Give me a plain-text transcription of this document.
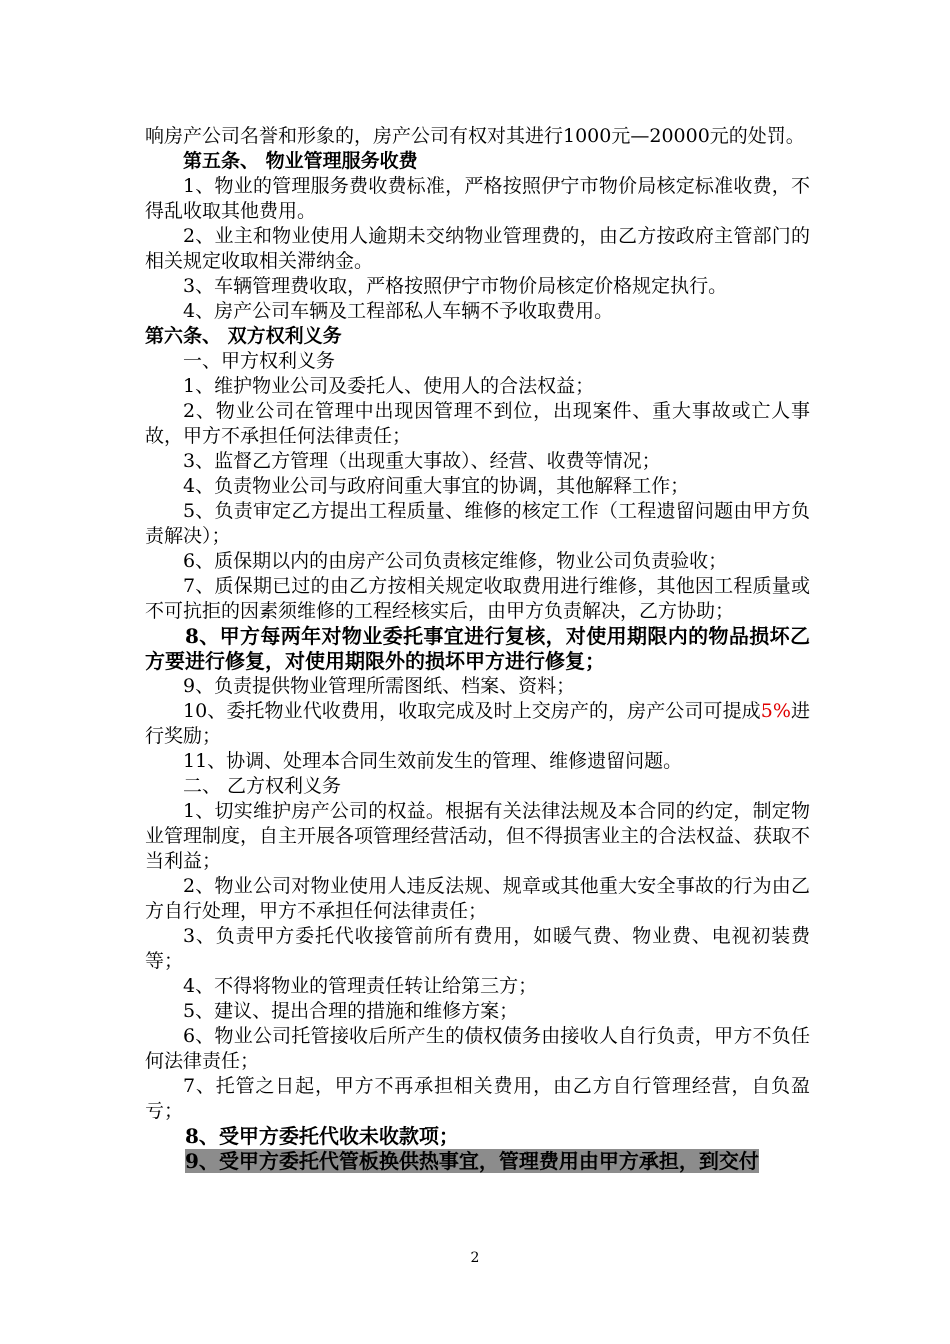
响房产公司名誉和形象的，房产公司有权对其进行1000元—20000元的处罚。

第五条、 物业管理服务收费

1、物业的管理服务费收费标准，严格按照伊宁市物价局核定标准收费，不得乱收取其他费用。

2、业主和物业使用人逾期未交纳物业管理费的，由乙方按政府主管部门的相关规定收取相关滞纳金。

3、车辆管理费收取，严格按照伊宁市物价局核定价格规定执行。

4、房产公司车辆及工程部私人车辆不予收取费用。

第六条、 双方权利义务

一、甲方权利义务

1、维护物业公司及委托人、使用人的合法权益；

2、物业公司在管理中出现因管理不到位，出现案件、重大事故或亡人事故，甲方不承担任何法律责任；

3、监督乙方管理（出现重大事故）、经营、收费等情况；

4、负责物业公司与政府间重大事宜的协调，其他解释工作；

5、负责审定乙方提出工程质量、维修的核定工作（工程遗留问题由甲方负责解决）；

6、质保期以内的由房产公司负责核定维修，物业公司负责验收；

7、质保期已过的由乙方按相关规定收取费用进行维修，其他因工程质量或不可抗拒的因素须维修的工程经核实后，由甲方负责解决，乙方协助；

8、甲方每两年对物业委托事宜进行复核，对使用期限内的物品损坏乙方要进行修复，对使用期限外的损坏甲方进行修复；

9、负责提供物业管理所需图纸、档案、资料；

10、委托物业代收费用，收取完成及时上交房产的，房产公司可提成5%进行奖励；

11、协调、处理本合同生效前发生的管理、维修遗留问题。

二、 乙方权利义务

1、切实维护房产公司的权益。根据有关法律法规及本合同的约定，制定物业管理制度，自主开展各项管理经营活动，但不得损害业主的合法权益、获取不当利益；

2、物业公司对物业使用人违反法规、规章或其他重大安全事故的行为由乙方自行处理，甲方不承担任何法律责任；

3、负责甲方委托代收接管前所有费用，如暖气费、物业费、电视初装费等；

4、不得将物业的管理责任转让给第三方；

5、建议、提出合理的措施和维修方案；

6、物业公司托管接收后所产生的债权债务由接收人自行负责，甲方不负任何法律责任；

7、托管之日起，甲方不再承担相关费用，由乙方自行管理经营，自负盈亏；

8、受甲方委托代收未收款项；

9、受甲方委托代管板换供热事宜，管理费用由甲方承担，到交付

2
